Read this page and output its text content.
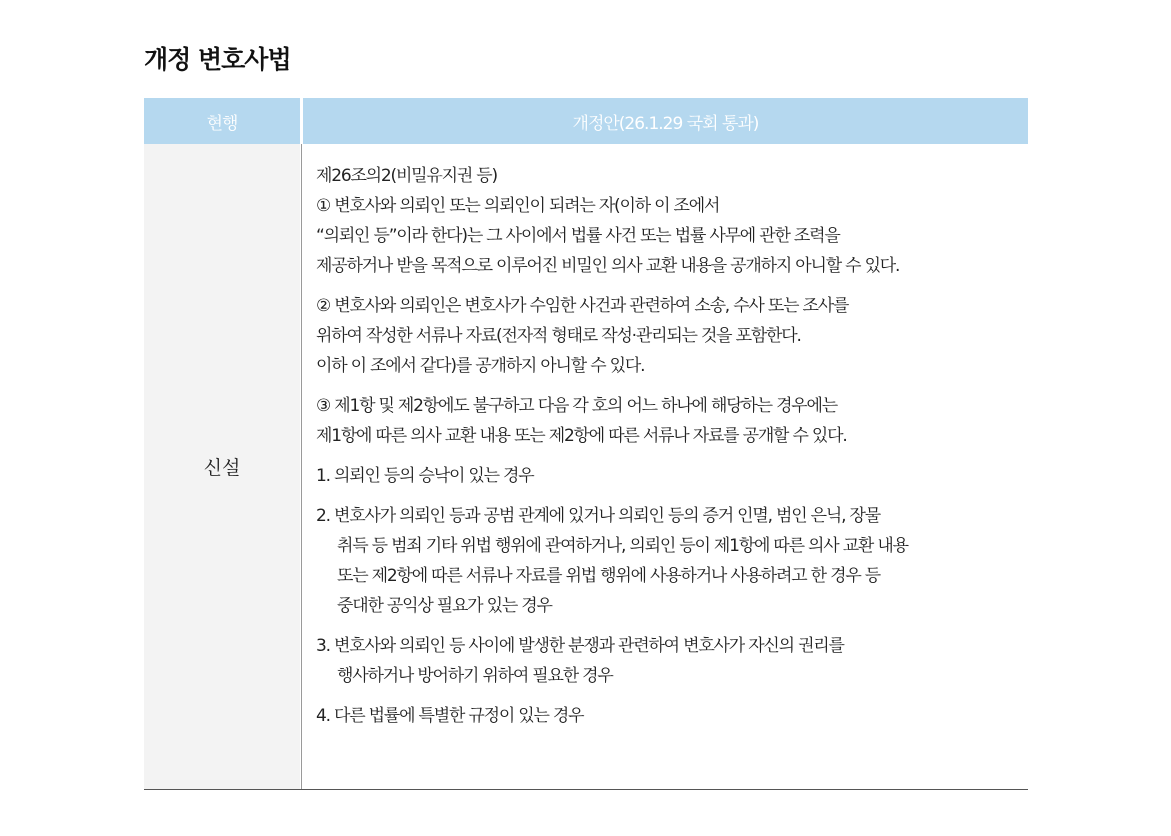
개정 변호사법
현행	개정안(26.1.29 국회 통과)
신설
제26조의2(비밀유지권 등)
① 변호사와 의뢰인 또는 의뢰인이 되려는 자(이하 이 조에서
“의뢰인 등”이라 한다)는 그 사이에서 법률 사건 또는 법률 사무에 관한 조력을
제공하거나 받을 목적으로 이루어진 비밀인 의사 교환 내용을 공개하지 아니할 수 있다.
② 변호사와 의뢰인은 변호사가 수임한 사건과 관련하여 소송, 수사 또는 조사를
위하여 작성한 서류나 자료(전자적 형태로 작성·관리되는 것을 포함한다.
이하 이 조에서 같다)를 공개하지 아니할 수 있다.
③ 제1항 및 제2항에도 불구하고 다음 각 호의 어느 하나에 해당하는 경우에는
제1항에 따른 의사 교환 내용 또는 제2항에 따른 서류나 자료를 공개할 수 있다.
1. 의뢰인 등의 승낙이 있는 경우
2. 변호사가 의뢰인 등과 공범 관계에 있거나 의뢰인 등의 증거 인멸, 범인 은닉, 장물
취득 등 범죄 기타 위법 행위에 관여하거나, 의뢰인 등이 제1항에 따른 의사 교환 내용
또는 제2항에 따른 서류나 자료를 위법 행위에 사용하거나 사용하려고 한 경우 등
중대한 공익상 필요가 있는 경우
3. 변호사와 의뢰인 등 사이에 발생한 분쟁과 관련하여 변호사가 자신의 권리를
행사하거나 방어하기 위하여 필요한 경우
4. 다른 법률에 특별한 규정이 있는 경우
